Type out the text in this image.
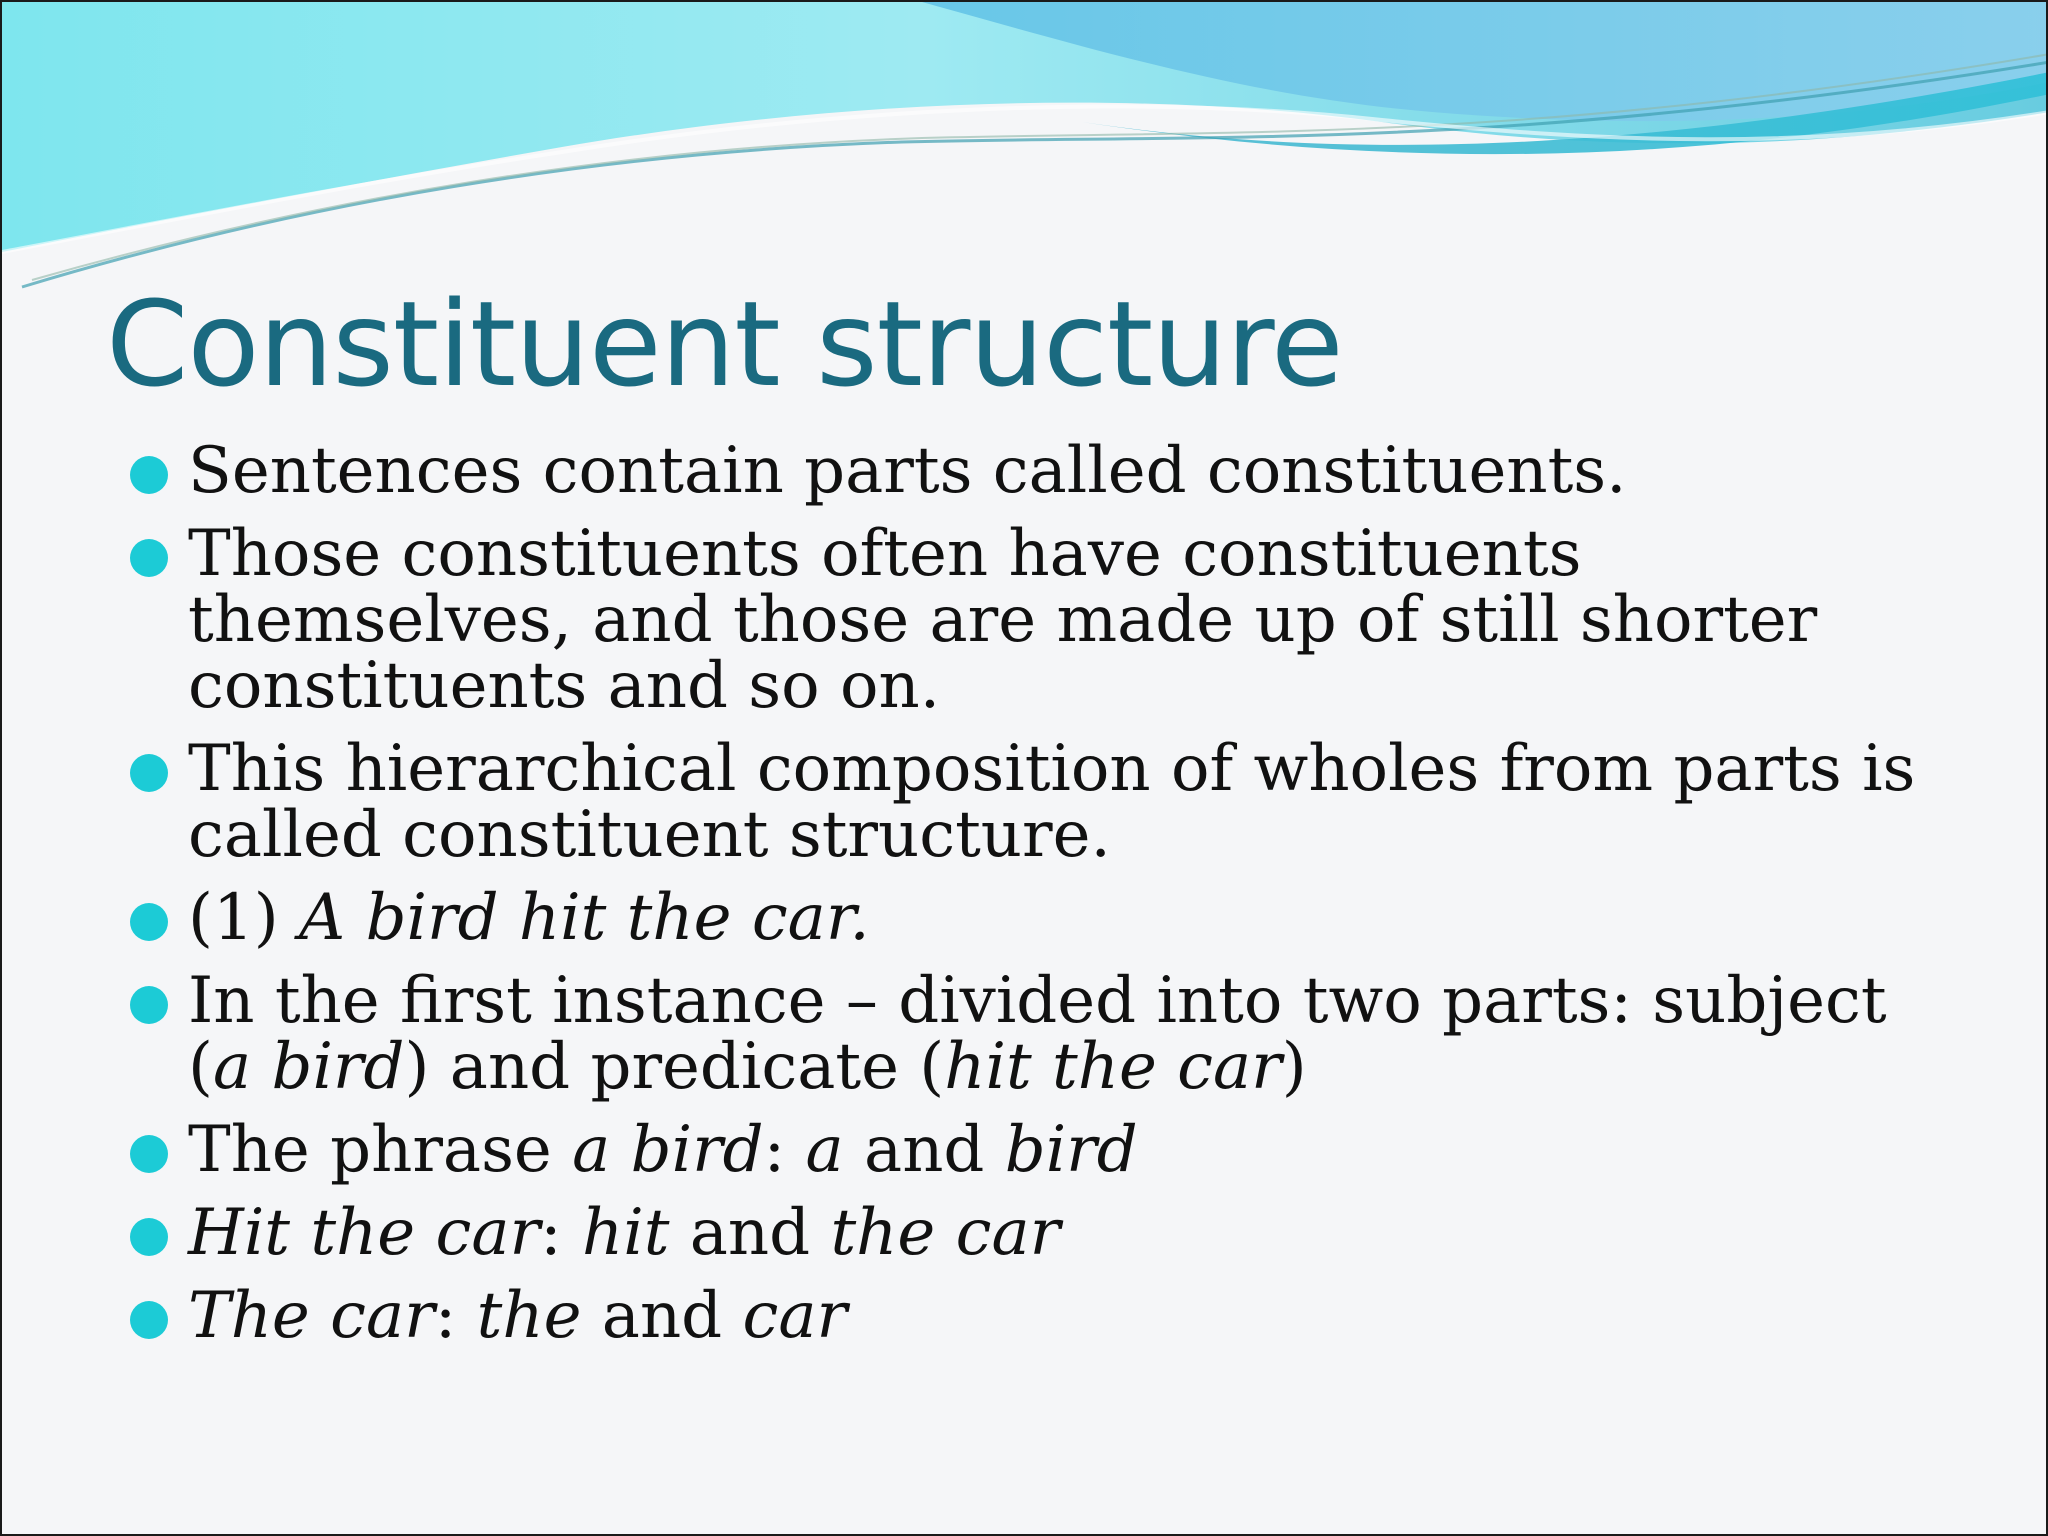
Constituent structure
Sentences contain parts called constituents.
Those constituents often have constituents themselves, and those are made up of still shorter constituents and so on.
This hierarchical composition of wholes from parts is called constituent structure.
(1) A bird hit the car.
In the first instance – divided into two parts: subject (a bird) and predicate (hit the car)
The phrase a bird: a and bird
Hit the car: hit and the car
The car: the and car
